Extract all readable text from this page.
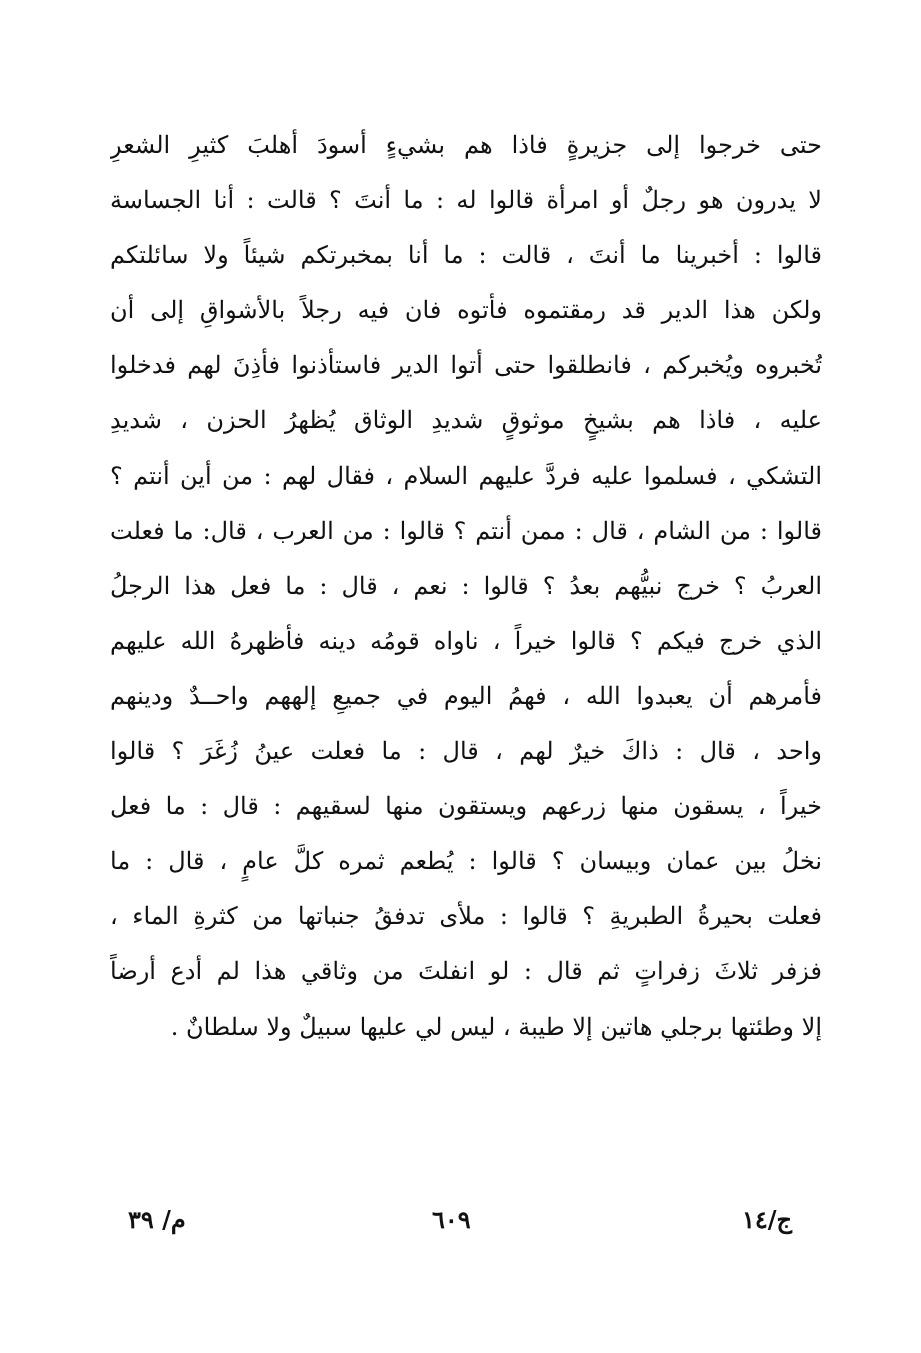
حتى خرجوا إلى جزيرةٍ فاذا هم بشيءٍ أسودَ أهلبَ كثيرِ الشعرِ
لا يدرون هو رجلٌ أو امرأة قالوا له : ما أنتَ ؟ قالت : أنا الجساسة
قالوا : أخبرينا ما أنتَ ، قالت : ما أنا بمخبرتكم شيئاً ولا سائلتكم
ولكن هذا الدير قد رمقتموه فأتوه فان فيه رجلاً بالأشواقِ إلى أن
تُخبروه ويُخبركم ، فانطلقوا حتى أتوا الدير فاستأذنوا فأذِنَ لهم فدخلوا
عليه ، فاذا هم بشيخٍ موثوقٍ شديدِ الوثاق يُظهرُ الحزن ، شديدِ
التشكي ، فسلموا عليه فردَّ عليهم السلام ، فقال لهم : من أين أنتم ؟
قالوا : من الشام ، قال : ممن أنتم ؟ قالوا : من العرب ، قال: ما فعلت
العربُ ؟ خرج نبيُّهم بعدُ ؟ قالوا : نعم ، قال : ما فعل هذا الرجلُ
الذي خرج فيكم ؟ قالوا خيراً ، ناواه قومُه دينه فأظهرهُ الله عليهم
فأمرهم أن يعبدوا الله ، فهمُ اليوم في جميعِ إلههم واحــدٌ ودينهم
واحد ، قال : ذاكَ خيرٌ لهم ، قال : ما فعلت عينُ زُغَرَ ؟ قالوا
خيراً ، يسقون منها زرعهم ويستقون منها لسقيهم : قال : ما فعل
نخلُ بين عمان وبيسان ؟ قالوا : يُطعم ثمره كلَّ عامٍ ، قال : ما
فعلت بحيرةُ الطبريةِ ؟ قالوا : ملأى تدفقُ جنباتها من كثرةِ الماء ،
فزفر ثلاثَ زفراتٍ ثم قال : لو انفلتَ من وثاقي هذا لم أدع أرضاً
إلا وطئتها برجلي هاتين إلا طيبة ، ليس لي عليها سبيلٌ ولا سلطانٌ .
ج/١٤
٦٠٩
م/ ٣٩
